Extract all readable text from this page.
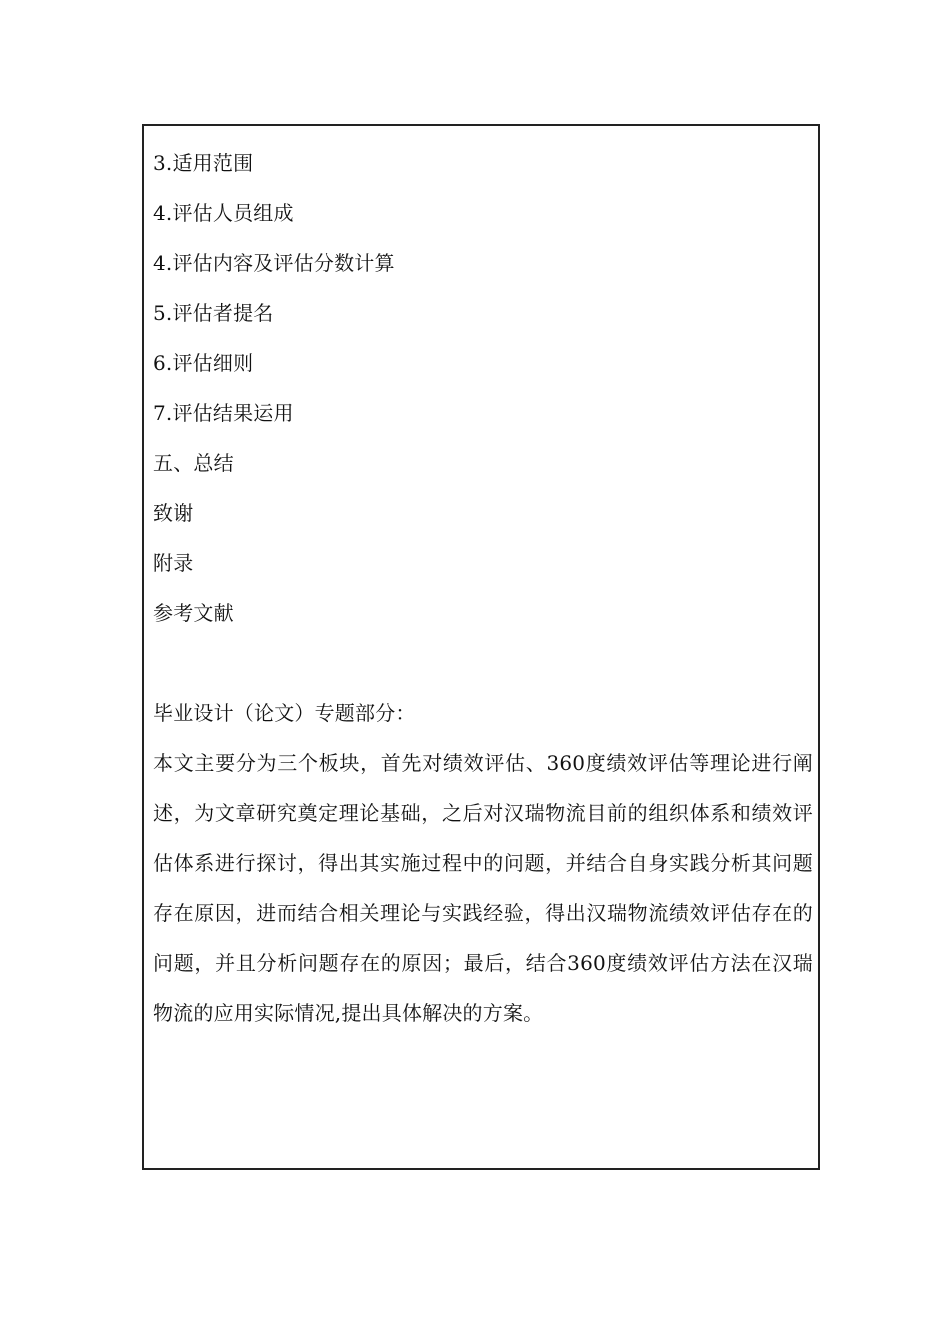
3.适用范围
4.评估人员组成
4.评估内容及评估分数计算
5.评估者提名
6.评估细则
7.评估结果运用
五、总结
致谢
附录
参考文献
毕业设计（论文）专题部分：
本文主要分为三个板块，首先对绩效评估、360度绩效评估等理论进行阐述，为文章研究奠定理论基础，之后对汉瑞物流目前的组织体系和绩效评估体系进行探讨，得出其实施过程中的问题，并结合自身实践分析其问题存在原因，进而结合相关理论与实践经验，得出汉瑞物流绩效评估存在的问题，并且分析问题存在的原因；最后，结合360度绩效评估方法在汉瑞物流的应用实际情况,提出具体解决的方案。
